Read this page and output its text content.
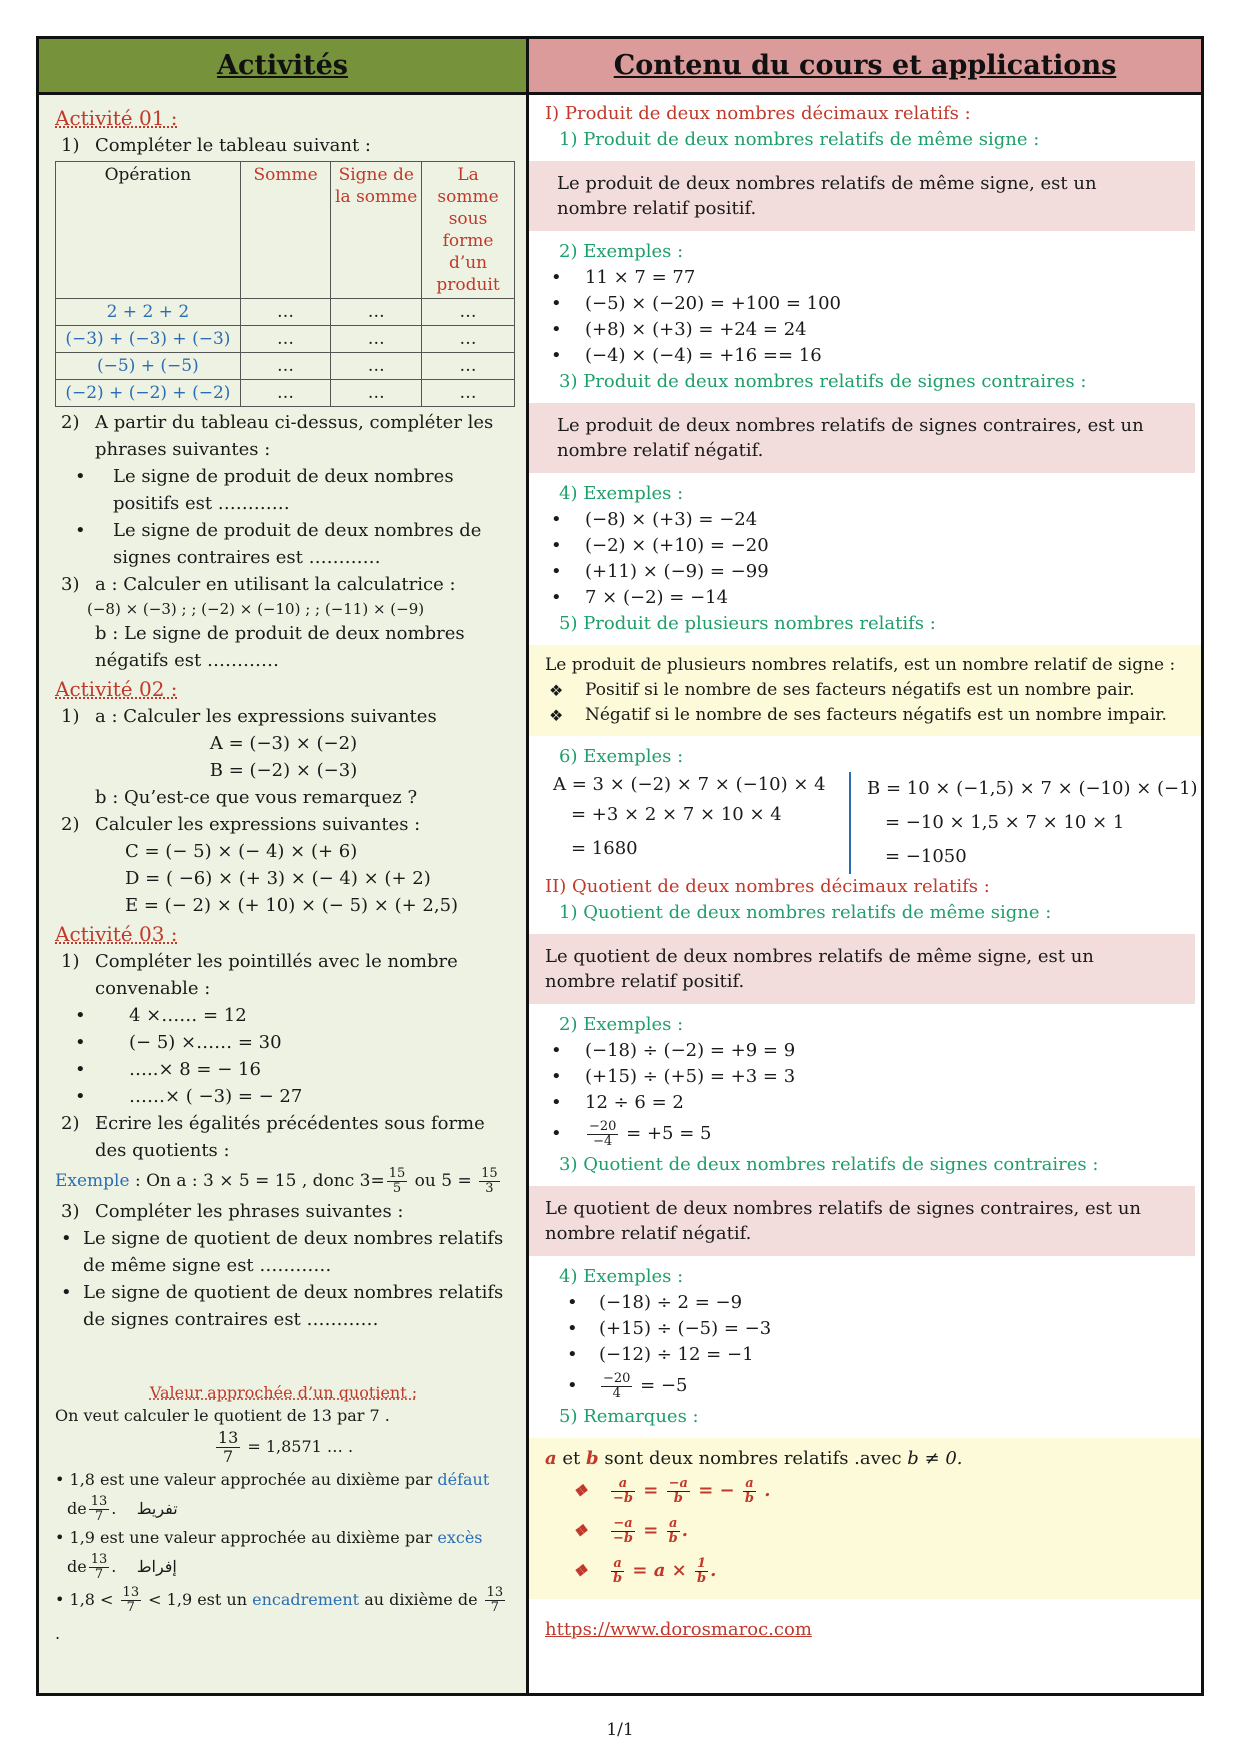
Activités
Activité 01 :
1) Compléter le tableau suivant :
Opération	Somme	Signe de la somme	La somme sous forme d’un produit
2 + 2 + 2	…	…	…
(−3) + (−3) + (−3)	…	…	…
(−5) + (−5)	…	…	…
(−2) + (−2) + (−2)	…	…	…
2) A partir du tableau ci-dessus, compléter les phrases suivantes :
• Le signe de produit de deux nombres positifs est …………
• Le signe de produit de deux nombres de signes contraires est …………
3) a : Calculer en utilisant la calculatrice :
(−8) × (−3) ; ; (−2) × (−10) ; ; (−11) × (−9)
b : Le signe de produit de deux nombres négatifs est …………
Activité 02 :
1) a : Calculer les expressions suivantes
A = (−3) × (−2)
B = (−2) × (−3)
b : Qu’est-ce que vous remarquez ?
2) Calculer les expressions suivantes :
C = (− 5) × (− 4) × (+ 6)
D = ( −6) × (+ 3) × (− 4) × (+ 2)
E = (− 2) × (+ 10) × (− 5) × (+ 2,5)
Activité 03 :
1) Compléter les pointillés avec le nombre convenable :
• 4 ×…… = 12
• (− 5) ×…… = 30
• …..× 8 = − 16
• ……× ( −3) = − 27
2) Ecrire les égalités précédentes sous forme des quotients :
Exemple : On a : 3 × 5 = 15 , donc $3= \frac{15}{5}$ ou $5 = \frac{15}{3}$
3) Compléter les phrases suivantes :
• Le signe de quotient de deux nombres relatifs de même signe est …………
• Le signe de quotient de deux nombres relatifs de signes contraires est …………
Valeur approchée d’un quotient :
On veut calculer le quotient de 13 par 7 .
$\frac{13}{7} = 1,8571$ … .
• 1,8 est une valeur approchée au dixième par défaut
de $\frac{13}{7}$ .    تفريط
• 1,9 est une valeur approchée au dixième par excès
de $\frac{13}{7}$ .    إفراط
• $1,8 < \frac{13}{7} < 1,9$ est un encadrement au dixième de $\frac{13}{7}$
.
Contenu du cours et applications
I) Produit de deux nombres décimaux relatifs :
1) Produit de deux nombres relatifs de même signe :
Le produit de deux nombres relatifs de même signe, est un nombre relatif positif.
2) Exemples :
• 11 × 7 = 77
• (−5) × (−20) = +100 = 100
• (+8) × (+3) = +24 = 24
• (−4) × (−4) = +16 == 16
3) Produit de deux nombres relatifs de signes contraires :
Le produit de deux nombres relatifs de signes contraires, est un nombre relatif négatif.
4) Exemples :
• (−8) × (+3) = −24
• (−2) × (+10) = −20
• (+11) × (−9) = −99
• 7 × (−2) = −14
5) Produit de plusieurs nombres relatifs :
Le produit de plusieurs nombres relatifs, est un nombre relatif de signe :
❖ Positif si le nombre de ses facteurs négatifs est un nombre pair.
❖ Négatif si le nombre de ses facteurs négatifs est un nombre impair.
6) Exemples :
A = 3 × (−2) × 7 × (−10) × 4
= +3 × 2 × 7 × 10 × 4
= 1680
B = 10 × (−1,5) × 7 × (−10) × (−1)
= −10 × 1,5 × 7 × 10 × 1
= −1050
II) Quotient de deux nombres décimaux relatifs :
1) Quotient de deux nombres relatifs de même signe :
Le quotient de deux nombres relatifs de même signe, est un nombre relatif positif.
2) Exemples :
• (−18) ÷ (−2) = +9 = 9
• (+15) ÷ (+5) = +3 = 3
• 12 ÷ 6 = 2
• $\frac{-20}{-4} = +5 = 5$
3) Quotient de deux nombres relatifs de signes contraires :
Le quotient de deux nombres relatifs de signes contraires, est un nombre relatif négatif.
4) Exemples :
• (−18) ÷ 2 = −9
• (+15) ÷ (−5) = −3
• (−12) ÷ 12 = −1
• $\frac{-20}{4} = -5$
5) Remarques :
a et b sont deux nombres relatifs .avec b ≠ 0.
❖ $\frac{a}{-b} = \frac{-a}{b}$ = − $\frac{a}{b}$ .
❖ $\frac{-a}{-b} = \frac{a}{b}$ .
❖ $\frac{a}{b} = a \times \frac{1}{b}$ .
https://www.dorosmaroc.com
1/1
